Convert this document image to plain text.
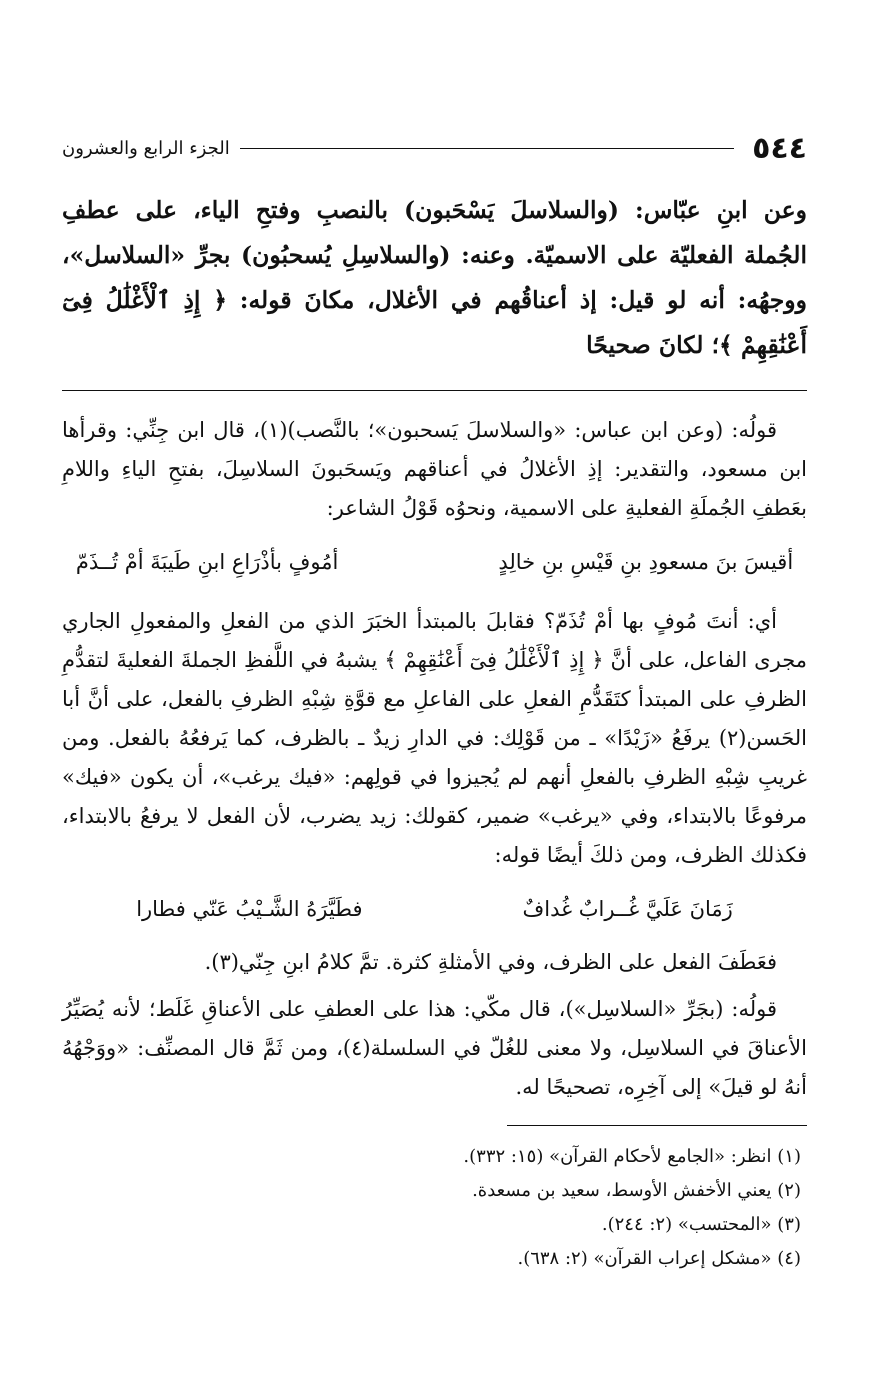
٥٤٤
الجزء الرابع والعشرون
وعن ابنِ عبّاس: (والسلاسلَ يَسْحَبون) بالنصبِ وفتحِ الياء، على عطفِ الجُملة الفعليّة على الاسميّة. وعنه: (والسلاسِلِ يُسحبُون) بجرِّ «السلاسل»، ووجهُه: أنه لو قيل: إذ أعناقُهم في الأغلال، مكانَ قوله: ﴿ إِذِ ٱلْأَغْلَٰلُ فِىٓ أَعْنَٰقِهِمْ ﴾؛ لكانَ صحيحًا

قولُه: (وعن ابن عباس: «والسلاسلَ يَسحبون»؛ بالنَّصب)(١)، قال ابن جِنِّي: وقرأها ابن مسعود، والتقدير: إذِ الأغلالُ في أعناقهم ويَسحَبونَ السلاسِلَ، بفتحِ الياءِ واللامِ بعَطفِ الجُملَةِ الفعليةِ على الاسمية، ونحوُه قَوْلُ الشاعر:

أقيسَ بنَ مسعودِ بنِ قَيْسِ بنِ خالِدٍ
أمُوفٍ بأذْرَاعِ ابنِ طَيبَةَ أمْ تُــذَمّ

أي: أنتَ مُوفٍ بها أمْ تُذَمّ؟ فقابلَ بالمبتدأ الخبَرَ الذي من الفعلِ والمفعولِ الجاري مجرى الفاعل، على أنَّ ﴿ إِذِ ٱلْأَغْلَٰلُ فِىٓ أَعْنَٰقِهِمْ ﴾ يشبهُ في اللَّفظِ الجملةَ الفعليةَ لتقدُّمِ الظرفِ على المبتدأ كتَقَدُّمِ الفعلِ على الفاعلِ مع قوَّةِ شِبْهِ الظرفِ بالفعل، على أنَّ أبا الحَسن(٢) يرفَعُ «زَيْدًا» ـ من قَوْلِك: في الدارِ زيدٌ ـ بالظرف، كما يَرفعُهُ بالفعل. ومن غريبِ شِبْهِ الظرفِ بالفعلِ أنهم لم يُجيزوا في قولِهم: «فيك يرغب»، أن يكون «فيك» مرفوعًا بالابتداء، وفي «يرغب» ضمير، كقولك: زيد يضرب، لأن الفعل لا يرفعُ بالابتداء، فكذلك الظرف، ومن ذلكَ أيضًا قوله:

زَمَانَ عَلَيَّ غُــرابٌ غُدافٌ
فطَيَّرَهُ الشَّـيْبُ عَنّي فطارا

فعَطَفَ الفعل على الظرف، وفي الأمثلةِ كثرة. تمَّ كلامُ ابنِ جِنّي(٣).

قولُه: (بجَرِّ «السلاسِل»)، قال مكّي: هذا على العطفِ على الأعناقِ غَلَط؛ لأنه يُصَيِّرُ الأعناقَ في السلاسِل، ولا معنى للغُلّ في السلسلة(٤)، ومن ثَمَّ قال المصنِّف: «ووَجْهُهُ أنهُ لو قيلَ» إلى آخِرِه، تصحيحًا له.

(١) انظر: «الجامع لأحكام القرآن» (١٥: ٣٣٢).
(٢) يعني الأخفش الأوسط، سعيد بن مسعدة.
(٣) «المحتسب» (٢: ٢٤٤).
(٤) «مشكل إعراب القرآن» (٢: ٦٣٨).
